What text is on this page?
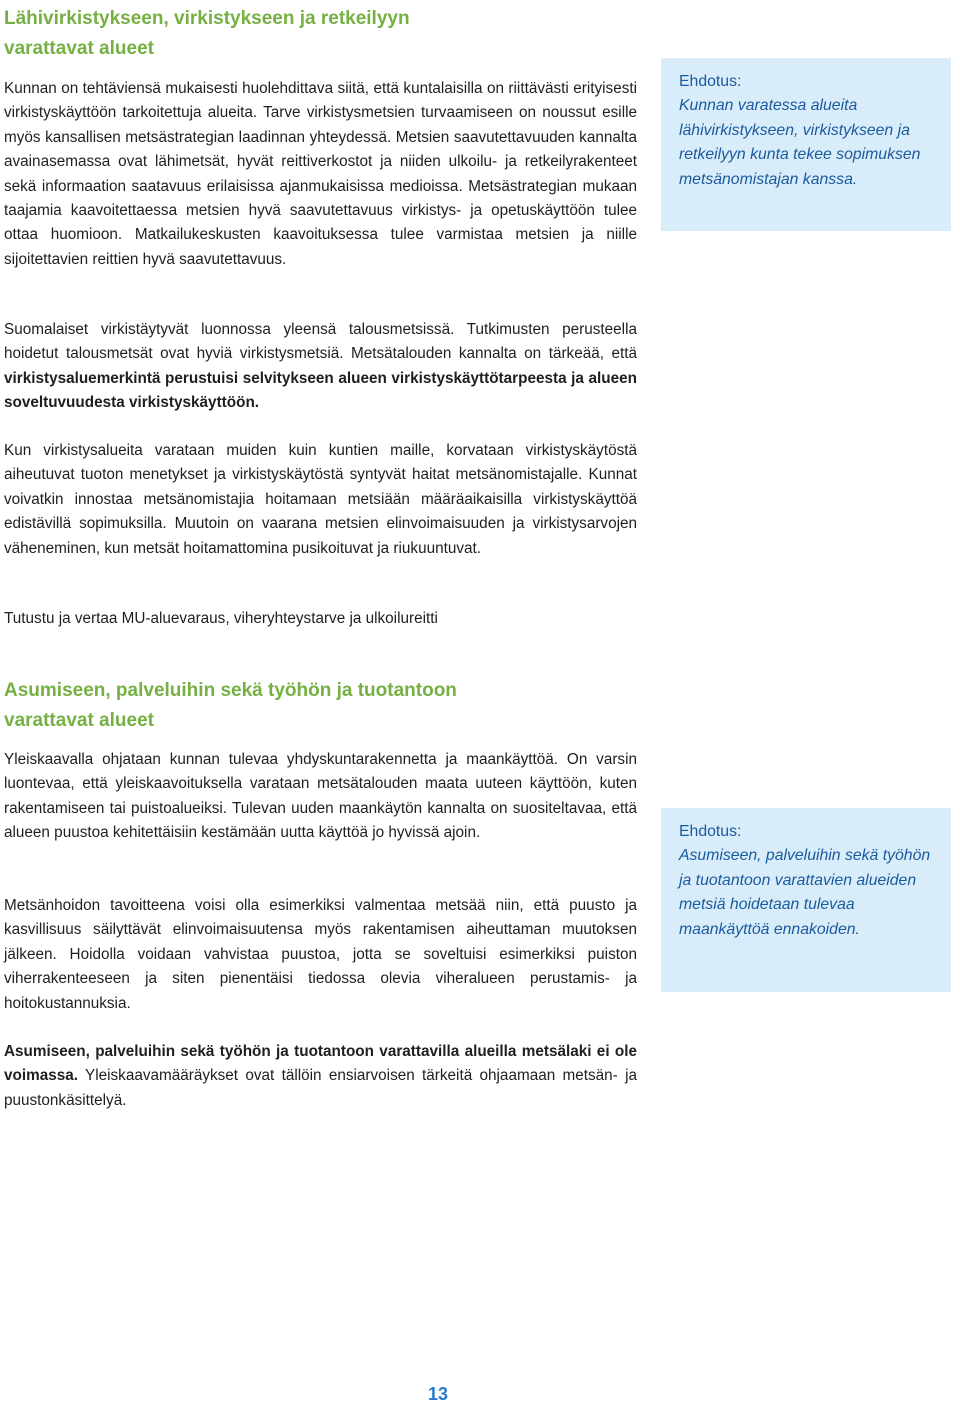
Lähivirkistykseen, virkistykseen ja retkeilyyn
varattavat alueet

Kunnan on tehtäviensä mukaisesti huolehdittava siitä, että kuntalaisilla on riittävästi erityisesti virkistyskäyttöön tarkoitettuja alueita. Tarve virkistysmetsien turvaamiseen on noussut esille myös kansallisen metsästrategian laadinnan yhteydessä. Metsien saavutettavuuden kannalta avainasemassa ovat lähimetsät, hyvät reittiverkostot ja niiden ulkoilu- ja retkeilyrakenteet sekä informaation saatavuus erilaisissa ajanmukaisissa medioissa. Metsästrategian mukaan taajamia kaavoitettaessa metsien hyvä saavutettavuus virkistys- ja opetuskäyttöön tulee ottaa huomioon. Matkailukeskusten kaavoituksessa tulee varmistaa metsien ja niille sijoitettavien reittien hyvä saavutettavuus.

Suomalaiset virkistäytyvät luonnossa yleensä talousmetsissä. Tutkimusten perusteella hoidetut talousmetsät ovat hyviä virkistysmetsiä. Metsätalouden kannalta on tärkeää, että virkistysaluemerkintä perustuisi selvitykseen alueen virkistyskäyttötarpeesta ja alueen soveltuvuudesta virkistyskäyttöön.

Kun virkistysalueita varataan muiden kuin kuntien maille, korvataan virkistyskäytöstä aiheutuvat tuoton menetykset ja virkistyskäytöstä syntyvät haitat metsänomistajalle. Kunnat voivatkin innostaa metsänomistajia hoitamaan metsiään määräaikaisilla virkistyskäyttöä edistävillä sopimuksilla. Muutoin on vaarana metsien elinvoimaisuuden ja virkistysarvojen väheneminen, kun metsät hoitamattomina pusikoituvat ja riukuuntuvat.

Tutustu ja vertaa MU-aluevaraus, viheryhteystarve ja ulkoilureitti

Ehdotus:
Kunnan varatessa alueita lähivirkistykseen, virkistykseen ja retkeilyyn kunta tekee sopimuksen metsänomistajan kanssa.
Asumiseen, palveluihin sekä työhön ja tuotantoon
varattavat alueet

Yleiskaavalla ohjataan kunnan tulevaa yhdyskuntarakennetta ja maankäyttöä. On varsin luontevaa, että yleiskaavoituksella varataan metsätalouden maata uuteen käyttöön, kuten rakentamiseen tai puistoalueiksi. Tulevan uuden maankäytön kannalta on suositeltavaa, että alueen puustoa kehitettäisiin kestämään uutta käyttöä jo hyvissä ajoin.

Metsänhoidon tavoitteena voisi olla esimerkiksi valmentaa metsää niin, että puusto ja kasvillisuus säilyttävät elinvoimaisuutensa myös rakentamisen aiheuttaman muutoksen jälkeen. Hoidolla voidaan vahvistaa puustoa, jotta se soveltuisi esimerkiksi puiston viherrakenteeseen ja siten pienentäisi tiedossa olevia viheralueen perustamis- ja hoitokustannuksia.

Asumiseen, palveluihin sekä työhön ja tuotantoon varattavilla alueilla metsälaki ei ole voimassa. Yleiskaavamääräykset ovat tällöin ensiarvoisen tärkeitä ohjaamaan metsän- ja puustonkäsittelyä.

Ehdotus:
Asumiseen, palveluihin sekä työhön ja tuotantoon varattavien alueiden metsiä hoidetaan tulevaa maankäyttöä ennakoiden.
13
